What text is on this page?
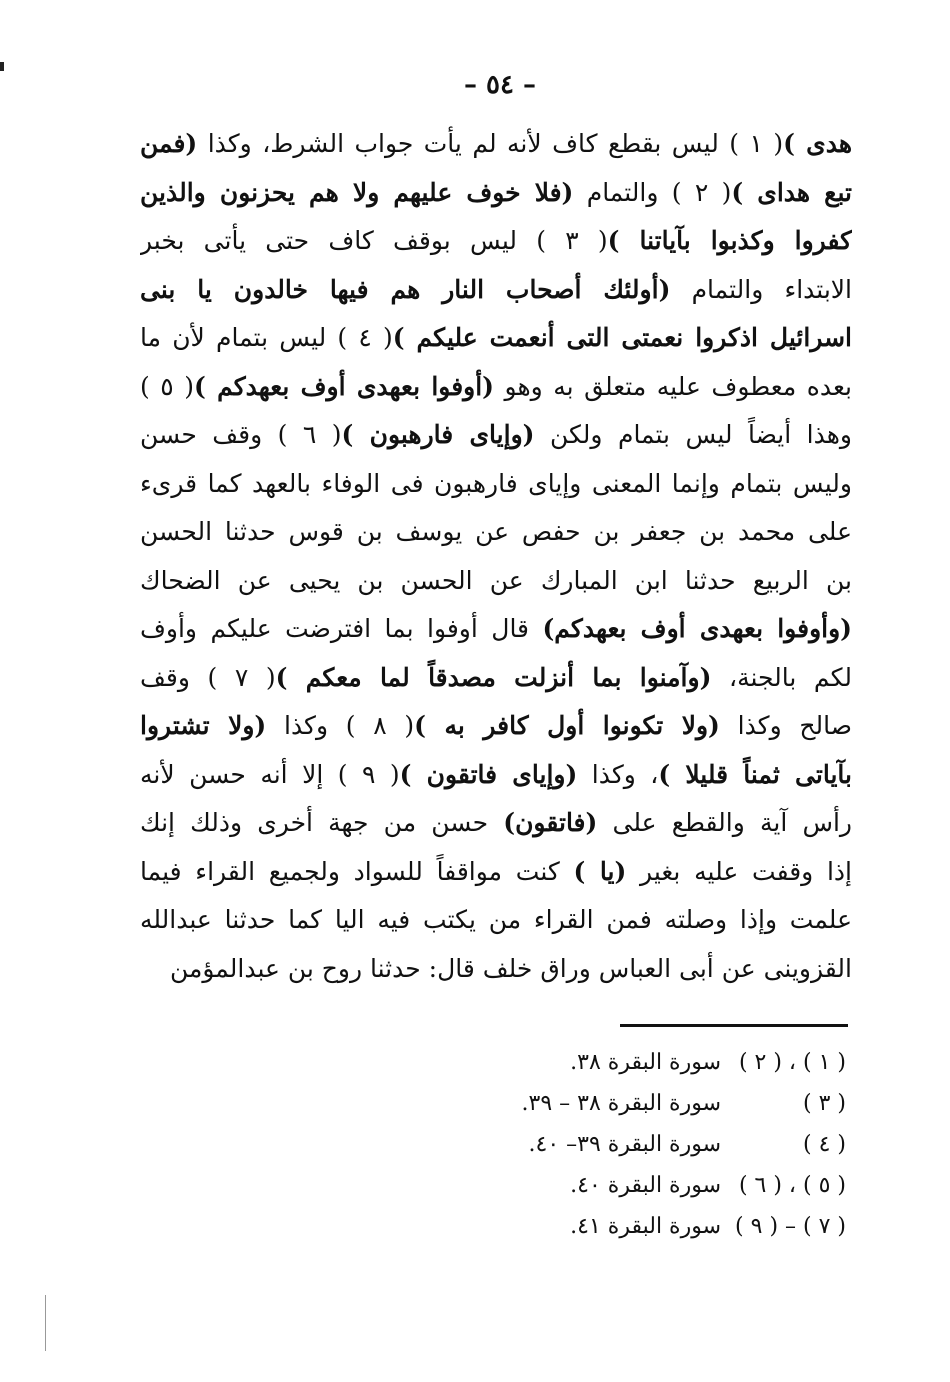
– ٥٤ –
هدى )( ١ ) ليس بقطع كاف لأنه لم يأت جواب الشرط، وكذا (فمن
تبع هداى )( ٢ ) والتمام (فلا خوف عليهم ولا هم يحزنون والذين
كفروا وكذبوا بآياتنا )( ٣ ) ليس بوقف كاف حتى يأتى بخبر
الابتداء والتمام (أولئك أصحاب النار هم فيها خالدون يا بنى
اسرائيل اذكروا نعمتى التى أنعمت عليكم )( ٤ ) ليس بتمام لأن ما
بعده معطوف عليه متعلق به وهو (أوفوا بعهدى أوف بعهدكم )( ٥ )
وهذا أيضاً ليس بتمام ولكن (وإياى فارهبون )( ٦ ) وقف حسن
وليس بتمام وإنما المعنى وإياى فارهبون فى الوفاء بالعهد كما قرىء
على محمد بن جعفر بن حفص عن يوسف بن قوس حدثنا الحسن
بن الربيع حدثنا ابن المبارك عن الحسن بن يحيى عن الضحاك
(وأوفوا بعهدى أوف بعهدكم) قال أوفوا بما افترضت عليكم وأوف
لكم بالجنة، (وآمنوا بما أنزلت مصدقاً لما معكم )( ٧ ) وقف
صالح وكذا (ولا تكونوا أول كافر به )( ٨ ) وكذا (ولا تشتروا
بآياتى ثمناً قليلا )، وكذا (وإياى فاتقون )( ٩ ) إلا أنه حسن لأنه
رأس آية والقطع على (فاتقون) حسن من جهة أخرى وذلك إنك
إذا وقفت عليه بغير (يا ) كنت مواقفاً للسواد ولجميع القراء فيما
علمت وإذا وصلته فمن القراء من يكتب فيه اليا كما حدثنا عبدالله
القزوينى عن أبى العباس وراق خلف قال: حدثنا روح بن عبدالمؤمن
( ١ ) ، ( ٢ )سورة البقرة ٣٨.
( ٣ )سورة البقرة ٣٨ – ٣٩.
( ٤ )سورة البقرة ٣٩– ٤٠.
( ٥ ) ، ( ٦ )سورة البقرة ٤٠.
( ٧ ) – ( ٩ )سورة البقرة ٤١.
